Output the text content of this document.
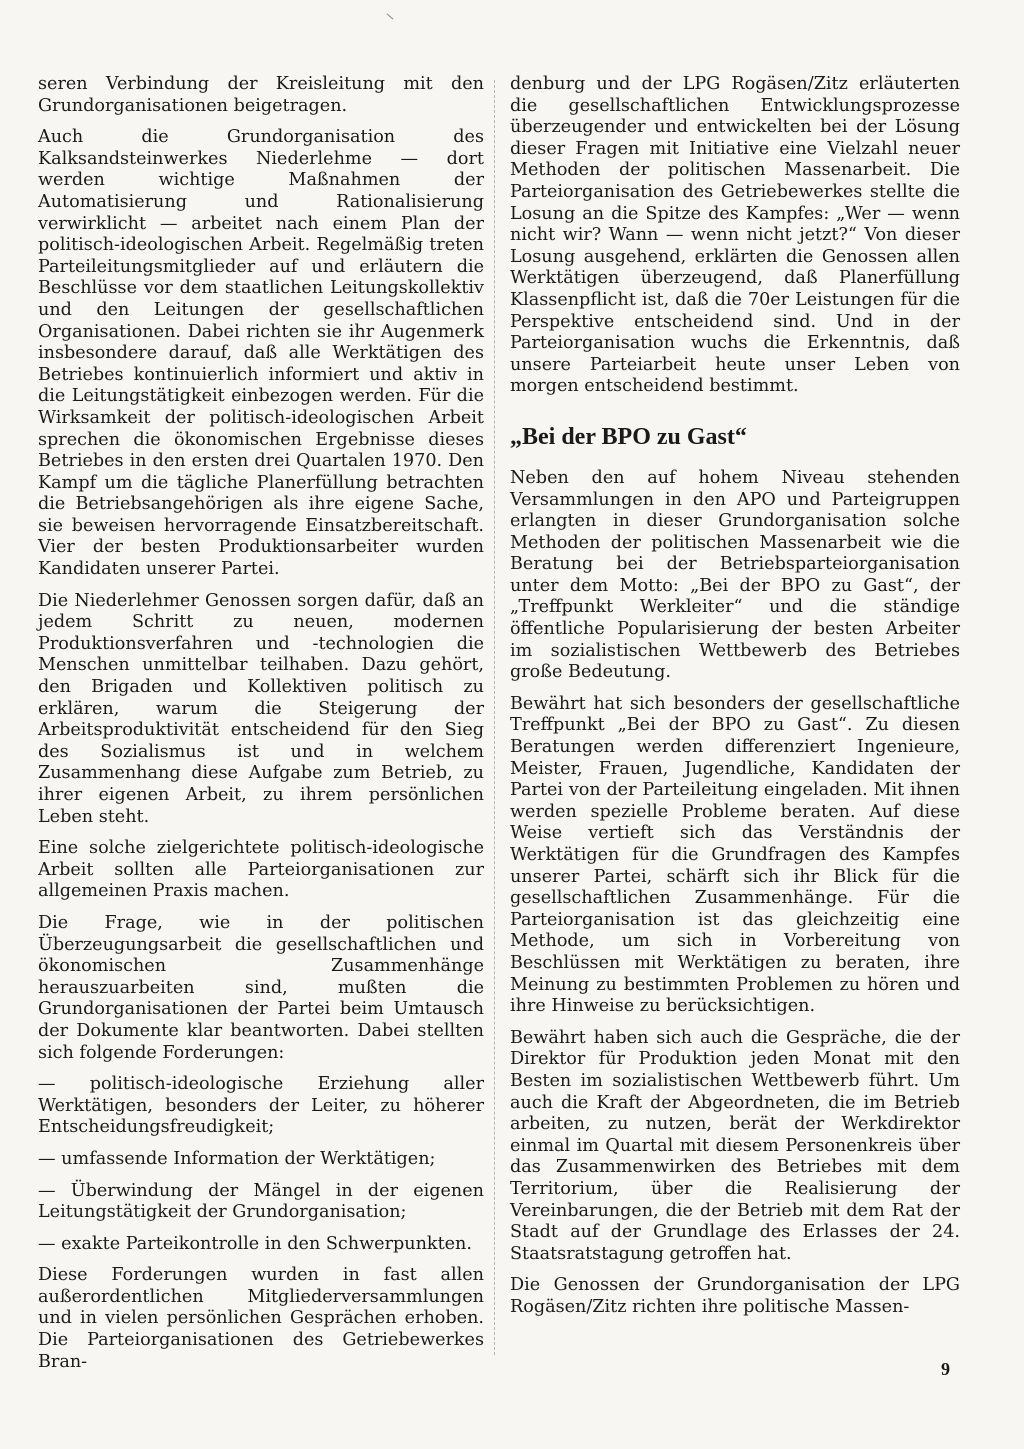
seren Verbindung der Kreisleitung mit den Grundorganisationen beigetragen.

Auch die Grundorganisation des Kalksandsteinwerkes Niederlehme — dort werden wichtige Maßnahmen der Automatisierung und Rationalisierung verwirklicht — arbeitet nach einem Plan der politisch-ideologischen Arbeit. Regelmäßig treten Parteileitungsmitglieder auf und erläutern die Beschlüsse vor dem staatlichen Leitungskollektiv und den Leitungen der gesellschaftlichen Organisationen. Dabei richten sie ihr Augenmerk insbesondere darauf, daß alle Werktätigen des Betriebes kontinuierlich informiert und aktiv in die Leitungstätigkeit einbezogen werden. Für die Wirksamkeit der politisch-ideologischen Arbeit sprechen die ökonomischen Ergebnisse dieses Betriebes in den ersten drei Quartalen 1970. Den Kampf um die tägliche Planerfüllung betrachten die Betriebsangehörigen als ihre eigene Sache, sie beweisen hervorragende Einsatzbereitschaft. Vier der besten Produktionsarbeiter wurden Kandidaten unserer Partei.

Die Niederlehmer Genossen sorgen dafür, daß an jedem Schritt zu neuen, modernen Produktionsverfahren und -technologien die Menschen unmittelbar teilhaben. Dazu gehört, den Brigaden und Kollektiven politisch zu erklären, warum die Steigerung der Arbeitsproduktivität entscheidend für den Sieg des Sozialismus ist und in welchem Zusammenhang diese Aufgabe zum Betrieb, zu ihrer eigenen Arbeit, zu ihrem persönlichen Leben steht.

Eine solche zielgerichtete politisch-ideologische Arbeit sollten alle Parteiorganisationen zur allgemeinen Praxis machen.

Die Frage, wie in der politischen Überzeugungsarbeit die gesellschaftlichen und ökonomischen Zusammenhänge herauszuarbeiten sind, mußten die Grundorganisationen der Partei beim Umtausch der Dokumente klar beantworten. Dabei stellten sich folgende Forderungen:

— politisch-ideologische Erziehung aller Werktätigen, besonders der Leiter, zu höherer Entscheidungsfreudigkeit;

— umfassende Information der Werktätigen;

— Überwindung der Mängel in der eigenen Leitungstätigkeit der Grundorganisation;

— exakte Parteikontrolle in den Schwerpunkten.

Diese Forderungen wurden in fast allen außerordentlichen Mitgliederversammlungen und in vielen persönlichen Gesprächen erhoben. Die Parteiorganisationen des Getriebewerkes Bran-

denburg und der LPG Rogäsen/Zitz erläuterten die gesellschaftlichen Entwicklungsprozesse überzeugender und entwickelten bei der Lösung dieser Fragen mit Initiative eine Vielzahl neuer Methoden der politischen Massenarbeit. Die Parteiorganisation des Getriebewerkes stellte die Losung an die Spitze des Kampfes: „Wer — wenn nicht wir? Wann — wenn nicht jetzt?“ Von dieser Losung ausgehend, erklärten die Genossen allen Werktätigen überzeugend, daß Planerfüllung Klassenpflicht ist, daß die 70er Leistungen für die Perspektive entscheidend sind. Und in der Parteiorganisation wuchs die Erkenntnis, daß unsere Parteiarbeit heute unser Leben von morgen entscheidend bestimmt.

„Bei der BPO zu Gast“

Neben den auf hohem Niveau stehenden Versammlungen in den APO und Parteigruppen erlangten in dieser Grundorganisation solche Methoden der politischen Massenarbeit wie die Beratung bei der Betriebsparteiorganisation unter dem Motto: „Bei der BPO zu Gast“, der „Treffpunkt Werkleiter“ und die ständige öffentliche Popularisierung der besten Arbeiter im sozialistischen Wettbewerb des Betriebes große Bedeutung.

Bewährt hat sich besonders der gesellschaftliche Treffpunkt „Bei der BPO zu Gast“. Zu diesen Beratungen werden differenziert Ingenieure, Meister, Frauen, Jugendliche, Kandidaten der Partei von der Parteileitung eingeladen. Mit ihnen werden spezielle Probleme beraten. Auf diese Weise vertieft sich das Verständnis der Werktätigen für die Grundfragen des Kampfes unserer Partei, schärft sich ihr Blick für die gesellschaftlichen Zusammenhänge. Für die Parteiorganisation ist das gleichzeitig eine Methode, um sich in Vorbereitung von Beschlüssen mit Werktätigen zu beraten, ihre Meinung zu bestimmten Problemen zu hören und ihre Hinweise zu berücksichtigen.

Bewährt haben sich auch die Gespräche, die der Direktor für Produktion jeden Monat mit den Besten im sozialistischen Wettbewerb führt. Um auch die Kraft der Abgeordneten, die im Betrieb arbeiten, zu nutzen, berät der Werkdirektor einmal im Quartal mit diesem Personenkreis über das Zusammenwirken des Betriebes mit dem Territorium, über die Realisierung der Vereinbarungen, die der Betrieb mit dem Rat der Stadt auf der Grundlage des Erlasses der 24. Staatsratstagung getroffen hat.

Die Genossen der Grundorganisation der LPG Rogäsen/Zitz richten ihre politische Massen-

9
